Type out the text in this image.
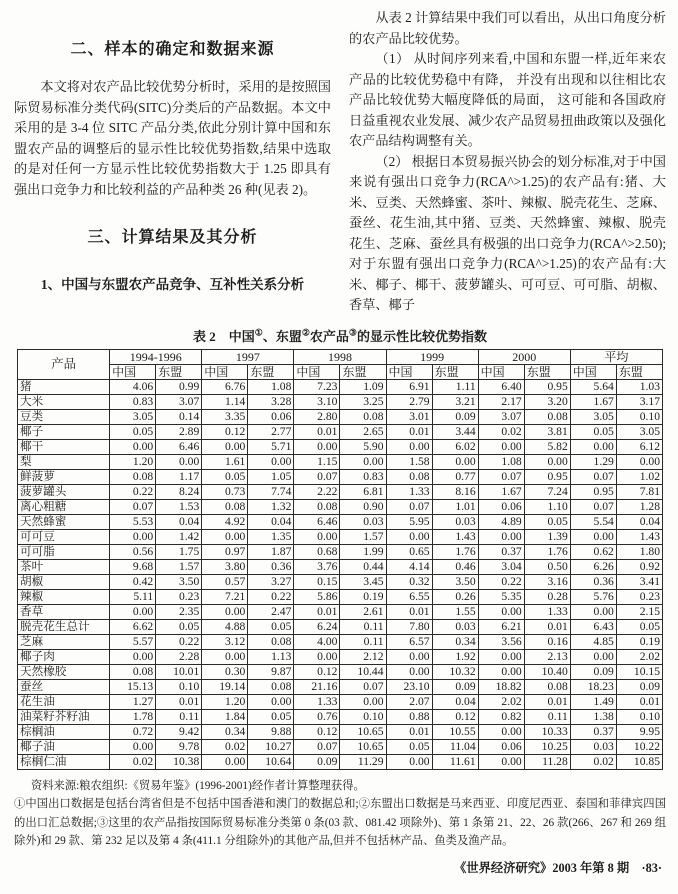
二、样本的确定和数据来源

本文将对农产品比较优势分析时，采用的是按照国际贸易标准分类代码(SITC)分类后的产品数据。本文中采用的是 3-4 位 SITC 产品分类,依此分别计算中国和东盟农产品的调整后的显示性比较优势指数,结果中选取的是对任何一方显示性比较优势指数大于 1.25 即具有强出口竞争力和比较利益的产品种类 26 种(见表 2)。

三、计算结果及其分析
1、中国与东盟农产品竞争、互补性关系分析

从表 2 计算结果中我们可以看出，从出口角度分析的农产品比较优势。

（1） 从时间序列来看,中国和东盟一样,近年来农产品的比较优势稳中有降， 并没有出现和以往相比农产品比较优势大幅度降低的局面， 这可能和各国政府日益重视农业发展、减少农产品贸易扭曲政策以及强化农产品结构调整有关。

（2） 根据日本贸易振兴协会的划分标准,对于中国来说有强出口竞争力(RCA^>1.25)的农产品有:猪、大米、豆类、天然蜂蜜、茶叶、辣椒、脱壳花生、芝麻、蚕丝、花生油,其中猪、豆类、天然蜂蜜、辣椒、脱壳花生、芝麻、蚕丝具有极强的出口竞争力(RCA^>2.50);对于东盟有强出口竞争力(RCA^>1.25)的农产品有:大米、椰子、椰干、菠萝罐头、可可豆、可可脂、胡椒、香草、椰子

表 2　中国①、东盟②农产品③的显示性比较优势指数
产品	1994-1996		1997		1998		1999		2000		平均	
	中国	东盟	中国	东盟	中国	东盟	中国	东盟	中国	东盟	中国	东盟
猪	4.06	0.99	6.76	1.08	7.23	1.09	6.91	1.11	6.40	0.95	5.64	1.03
大米	0.83	3.07	1.14	3.28	3.10	3.25	2.79	3.21	2.17	3.20	1.67	3.17
豆类	3.05	0.14	3.35	0.06	2.80	0.08	3.01	0.09	3.07	0.08	3.05	0.10
椰子	0.05	2.89	0.12	2.77	0.01	2.65	0.01	3.44	0.02	3.81	0.05	3.05
椰干	0.00	6.46	0.00	5.71	0.00	5.90	0.00	6.02	0.00	5.82	0.00	6.12
梨	1.20	0.00	1.61	0.00	1.15	0.00	1.58	0.00	1.08	0.00	1.29	0.00
鲜菠萝	0.08	1.17	0.05	1.05	0.07	0.83	0.08	0.77	0.07	0.95	0.07	1.02
菠萝罐头	0.22	8.24	0.73	7.74	2.22	6.81	1.33	8.16	1.67	7.24	0.95	7.81
离心粗糖	0.07	1.53	0.08	1.32	0.08	0.90	0.07	1.01	0.06	1.10	0.07	1.28
天然蜂蜜	5.53	0.04	4.92	0.04	6.46	0.03	5.95	0.03	4.89	0.05	5.54	0.04
可可豆	0.00	1.42	0.00	1.35	0.00	1.57	0.00	1.43	0.00	1.39	0.00	1.43
可可脂	0.56	1.75	0.97	1.87	0.68	1.99	0.65	1.76	0.37	1.76	0.62	1.80
茶叶	9.68	1.57	3.80	0.36	3.76	0.44	4.14	0.46	3.04	0.50	6.26	0.92
胡椒	0.42	3.50	0.57	3.27	0.15	3.45	0.32	3.50	0.22	3.16	0.36	3.41
辣椒	5.11	0.23	7.21	0.22	5.86	0.19	6.55	0.26	5.35	0.28	5.76	0.23
香草	0.00	2.35	0.00	2.47	0.01	2.61	0.01	1.55	0.00	1.33	0.00	2.15
脱壳花生总计	6.62	0.05	4.88	0.05	6.24	0.11	7.80	0.03	6.21	0.01	6.43	0.05
芝麻	5.57	0.22	3.12	0.08	4.00	0.11	6.57	0.34	3.56	0.16	4.85	0.19
椰子肉	0.00	2.28	0.00	1.13	0.00	2.12	0.00	1.92	0.00	2.13	0.00	2.02
天然橡胶	0.08	10.01	0.30	9.87	0.12	10.44	0.00	10.32	0.00	10.40	0.09	10.15
蚕丝	15.13	0.10	19.14	0.08	21.16	0.07	23.10	0.09	18.82	0.08	18.23	0.09
花生油	1.27	0.01	1.20	0.00	1.33	0.00	2.07	0.04	2.02	0.01	1.49	0.01
油菜籽芥籽油	1.78	0.11	1.84	0.05	0.76	0.10	0.88	0.12	0.82	0.11	1.38	0.10
棕榈油	0.72	9.42	0.34	9.88	0.12	10.65	0.01	10.55	0.00	10.33	0.37	9.95
椰子油	0.00	9.78	0.02	10.27	0.07	10.65	0.05	11.04	0.06	10.25	0.03	10.22
棕榈仁油	0.02	10.38	0.00	10.64	0.09	11.29	0.00	11.61	0.00	11.28	0.02	10.85
资料来源:粮农组织:《贸易年鉴》(1996-2001)经作者计算整理获得。
①中国出口数据是包括台湾省但是不包括中国香港和澳门的数据总和;②东盟出口数据是马来西亚、印度尼西亚、泰国和菲律宾四国的出口汇总数据;③这里的农产品指按国际贸易标准分类第 0 条(03 款、081.42 项除外)、第 1 条第 21、22、26 款(266、267 和 269 组除外)和 29 款、第 232 足以及第 4 条(411.1 分组除外)的其他产品,但并不包括林产品、鱼类及渔产品。
《世界经济研究》2003 年第 8 期　·83·
